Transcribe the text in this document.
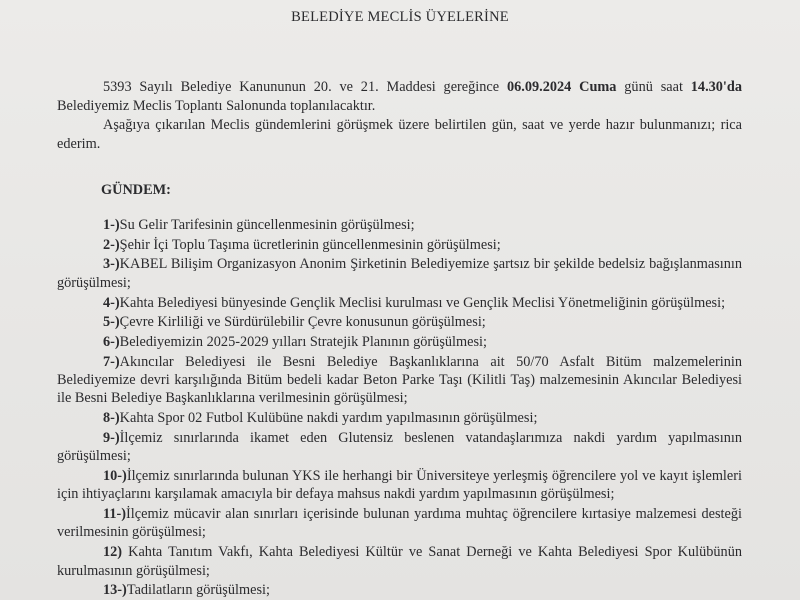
BELEDİYE MECLİS ÜYELERİNE
5393 Sayılı Belediye Kanununun 20. ve 21. Maddesi gereğince 06.09.2024 Cuma günü saat 14.30'da Belediyemiz Meclis Toplantı Salonunda toplanılacaktır.
Aşağıya çıkarılan Meclis gündemlerini görüşmek üzere belirtilen gün, saat ve yerde hazır bulunmanızı; rica ederim.
GÜNDEM:

1-)Su Gelir Tarifesinin güncellenmesinin görüşülmesi;

2-)Şehir İçi Toplu Taşıma ücretlerinin güncellenmesinin görüşülmesi;

3-)KABEL Bilişim Organizasyon Anonim Şirketinin Belediyemize şartsız bir şekilde bedelsiz bağışlanmasının görüşülmesi;

4-)Kahta Belediyesi bünyesinde Gençlik Meclisi kurulması ve Gençlik Meclisi Yönetmeliğinin görüşülmesi;

5-)Çevre Kirliliği ve Sürdürülebilir Çevre konusunun görüşülmesi;

6-)Belediyemizin 2025-2029 yılları Stratejik Planının görüşülmesi;

7-)Akıncılar Belediyesi ile Besni Belediye Başkanlıklarına ait 50/70 Asfalt Bitüm malzemelerinin Belediyemize devri karşılığında Bitüm bedeli kadar Beton Parke Taşı (Kilitli Taş) malzemesinin Akıncılar Belediyesi ile Besni Belediye Başkanlıklarına verilmesinin görüşülmesi;

8-)Kahta Spor 02 Futbol Kulübüne nakdi yardım yapılmasının görüşülmesi;

9-)İlçemiz sınırlarında ikamet eden Glutensiz beslenen vatandaşlarımıza nakdi yardım yapılmasının görüşülmesi;

10-)İlçemiz sınırlarında bulunan YKS ile herhangi bir Üniversiteye yerleşmiş öğrencilere yol ve kayıt işlemleri için ihtiyaçlarını karşılamak amacıyla bir defaya mahsus nakdi yardım yapılmasının görüşülmesi;

11-)İlçemiz mücavir alan sınırları içerisinde bulunan yardıma muhtaç öğrencilere kırtasiye malzemesi desteği verilmesinin görüşülmesi;

12) Kahta Tanıtım Vakfı, Kahta Belediyesi Kültür ve Sanat Derneği ve Kahta Belediyesi Spor Kulübünün kurulmasının görüşülmesi;

13-)Tadilatların görüşülmesi;
